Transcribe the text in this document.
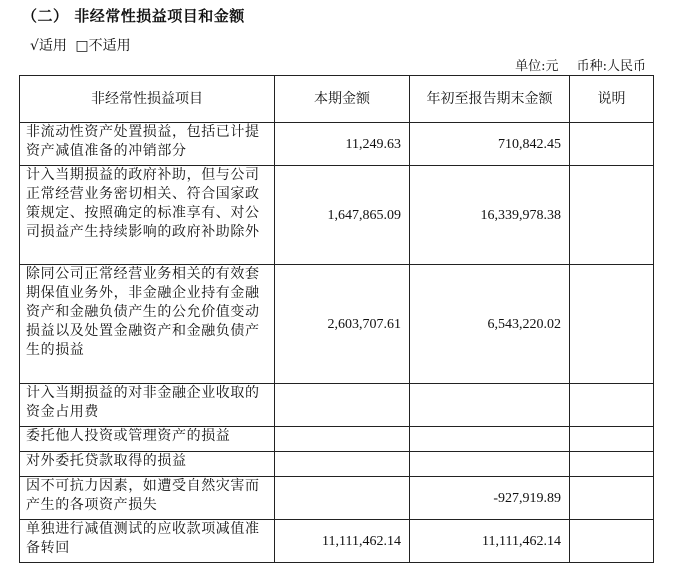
（二） 非经常性损益项目和金额
√适用 □不适用
单位:元 币种:人民币
非经常性损益项目	本期金额	年初至报告期末金额	说明
非流动性资产处置损益，包括已计提资产减值准备的冲销部分	11,249.63	710,842.45	
计入当期损益的政府补助，但与公司正常经营业务密切相关、符合国家政策规定、按照确定的标准享有、对公司损益产生持续影响的政府补助除外	1,647,865.09	16,339,978.38	
除同公司正常经营业务相关的有效套期保值业务外，非金融企业持有金融资产和金融负债产生的公允价值变动损益以及处置金融资产和金融负债产生的损益	2,603,707.61	6,543,220.02	
计入当期损益的对非金融企业收取的资金占用费			
委托他人投资或管理资产的损益			
对外委托贷款取得的损益			
因不可抗力因素，如遭受自然灾害而产生的各项资产损失		-927,919.89	
单独进行减值测试的应收款项减值准备转回	11,111,462.14	11,111,462.14	
